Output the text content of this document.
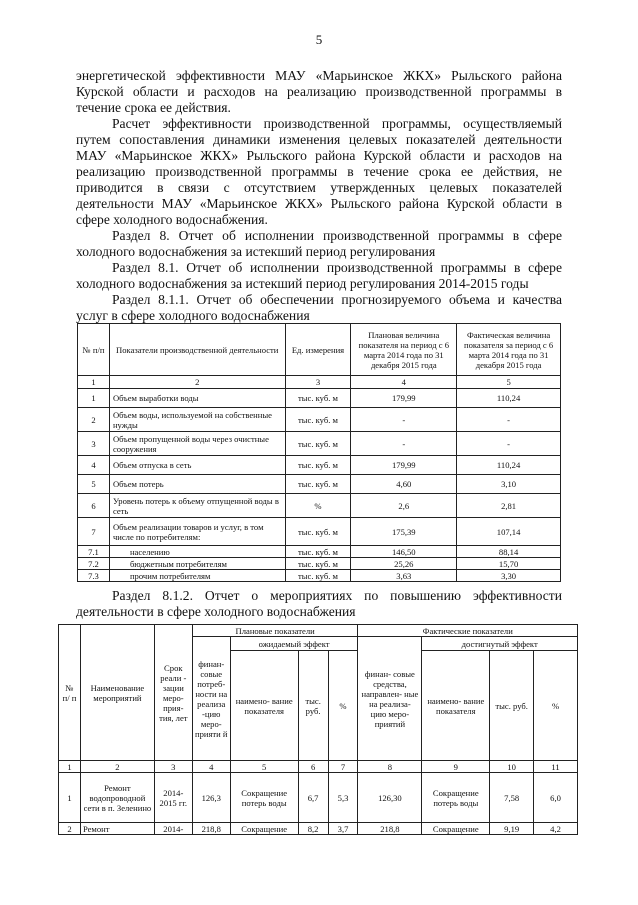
5

энергетической эффективности МАУ «Марьинское ЖКХ» Рыльского района Курской области и расходов на реализацию производственной программы в течение срока ее действия.

Расчет эффективности производственной программы, осуществляемый путем сопоставления динамики изменения целевых показателей деятельности МАУ «Марьинское ЖКХ» Рыльского района Курской области и расходов на реализацию производственной программы в течение срока ее действия, не приводится в связи с отсутствием утвержденных целевых показателей деятельности МАУ «Марьинское ЖКХ» Рыльского района Курской области в сфере холодного водоснабжения.

Раздел 8. Отчет об исполнении производственной программы в сфере холодного водоснабжения за истекший период регулирования

Раздел 8.1. Отчет об исполнении производственной программы в сфере холодного водоснабжения за истекший период регулирования 2014-2015 годы

Раздел 8.1.1. Отчет об обеспечении прогнозируемого объема и качества услуг в сфере холодного водоснабжения

№ п/п	Показатели производственной деятельности	Ед. измерения	Плановая величина показателя на период с 6 марта 2014 года по 31 декабря 2015 года	Фактическая величина показателя за период с 6 марта 2014 года по 31 декабря 2015 года
1	2	3	4	5
1	Объем выработки воды	тыс. куб. м	179,99	110,24
2	Объем воды, используемой на собственные нужды	тыс. куб. м	-	-
3	Объем пропущенной воды через очистные сооружения	тыс. куб. м	-	-
4	Объем отпуска в сеть	тыс. куб. м	179,99	110,24
5	Объем потерь	тыс. куб. м	4,60	3,10
6	Уровень потерь к объему отпущенной воды в сеть	%	2,6	2,81
7	Объем реализации товаров и услуг, в том числе по потребителям:	тыс. куб. м	175,39	107,14
7.1	населению	тыс. куб. м	146,50	88,14
7.2	бюджетным потребителям	тыс. куб. м	25,26	15,70
7.3	прочим потребителям	тыс. куб. м	3,63	3,30

Раздел 8.1.2. Отчет о мероприятиях по повышению эффективности деятельности в сфере холодного водоснабжения

№ п/ п	Наименование мероприятий	Срок реали - зации меро- прия- тия, лет	Плановые показатели				Фактические показатели			
			финан- совые потреб- ности на реализа -цию меро- прияти й	ожидаемый эффект			финан- совые средства, направлен- ные на реализа- цию меро- приятий	достигнутый эффект		
				наимено- вание показателя	тыс. руб.	%		наимено- вание показателя	тыс. руб.	%
1	2	3	4	5	6	7	8	9	10	11
1	Ремонт водопроводной сети в п. Зеленино	2014- 2015 гг.	126,3	Сокращение потерь воды	6,7	5,3	126,30	Сокращение потерь воды	7,58	6,0
2	Ремонт	2014-	218,8	Сокращение	8,2	3,7	218,8	Сокращение	9,19	4,2
